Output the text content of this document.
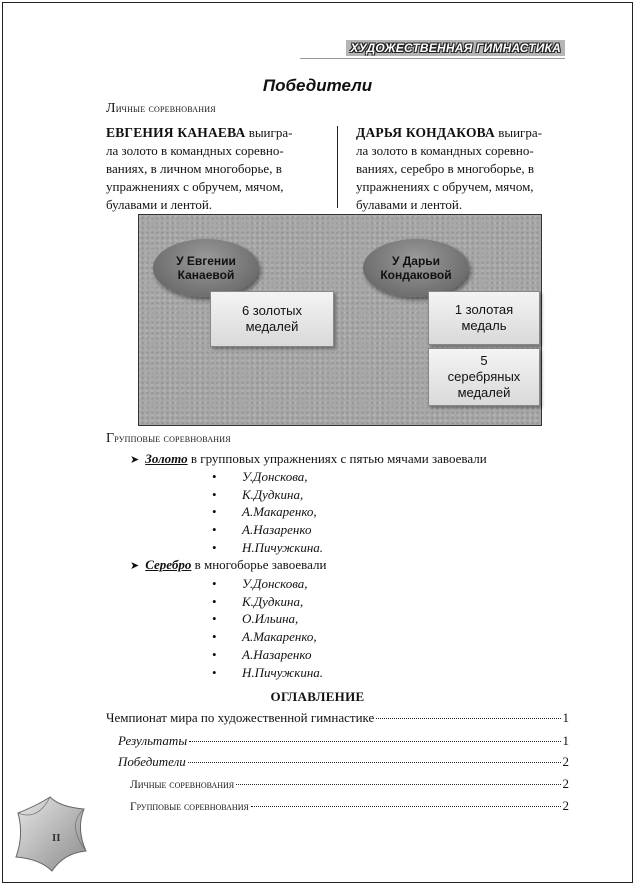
ХУДОЖЕСТВЕННАЯ ГИМНАСТИКА
Победители
Личные соревнования
ЕВГЕНИЯ КАНАЕВА выигра-
ла золото в командных соревно-
ваниях, в личном многоборье, в
упражнениях с обручем, мячом,
булавами и лентой.
ДАРЬЯ КОНДАКОВА выигра-
ла золото в командных соревно-
ваниях, серебро в многоборье, в
упражнениях с обручем, мячом,
булавами и лентой.
У Евгении
Канаевой
6 золотых
медалей
У Дарьи
Кондаковой
1 золотая
медаль
5
серебряных
медалей
Групповые соревнования
➤ Золото в групповых упражнениях с пятью мячами завоевали
• У.Донскова,
• К.Дудкина,
• А.Макаренко,
• А.Назаренко
• Н.Пичужкина.
➤ Серебро в многоборье завоевали
• У.Донскова,
• К.Дудкина,
• О.Ильина,
• А.Макаренко,
• А.Назаренко
• Н.Пичужкина.
ОГЛАВЛЕНИЕ
Чемпионат мира по художественной гимнастике	1
Результаты	1
Победители	2
Личные соревнования	2
Групповые соревнования	2
II
